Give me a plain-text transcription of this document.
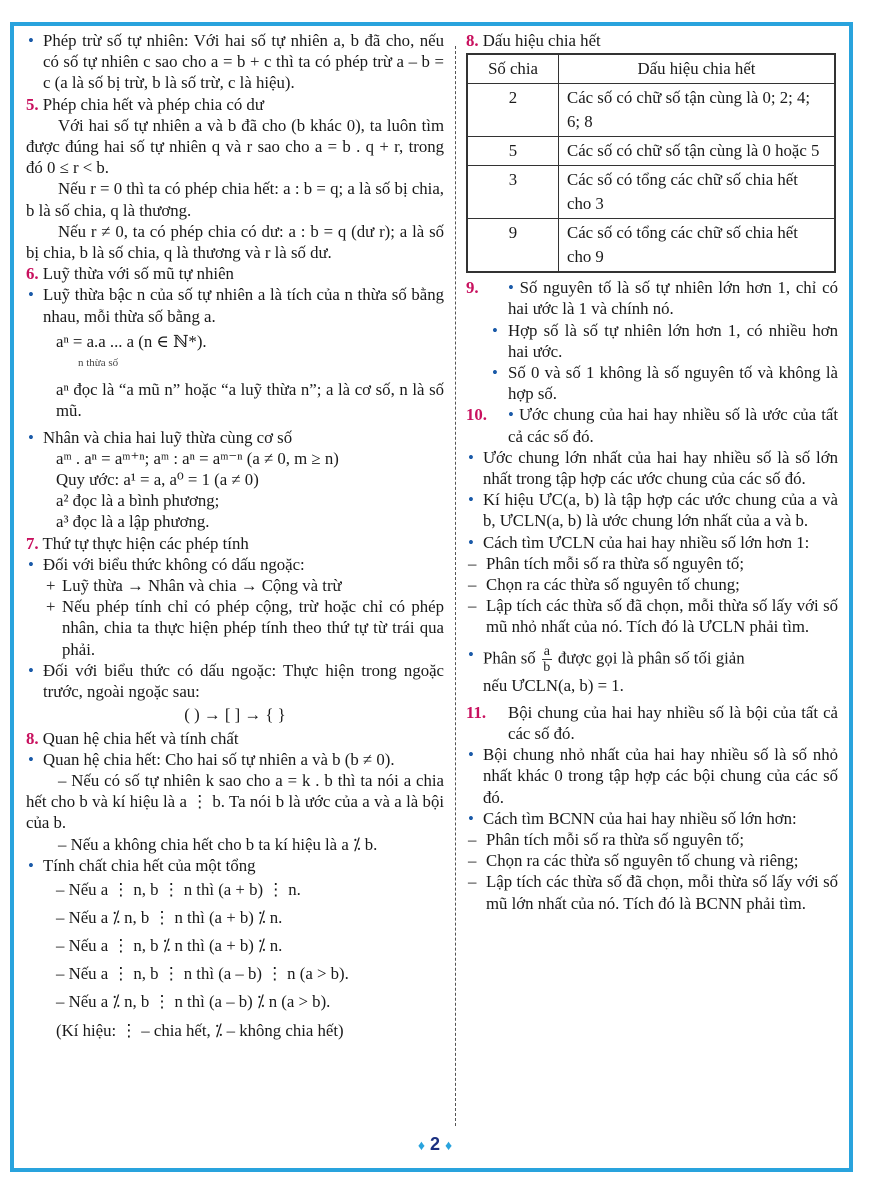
• Phép trừ số tự nhiên: Với hai số tự nhiên a, b đã cho, nếu có số tự nhiên c sao cho a = b + c thì ta có phép trừ a – b = c (a là số bị trừ, b là số trừ, c là hiệu).

5. Phép chia hết và phép chia có dư

Với hai số tự nhiên a và b đã cho (b khác 0), ta luôn tìm được đúng hai số tự nhiên q và r sao cho a = b . q + r, trong đó 0 ≤ r < b.

Nếu r = 0 thì ta có phép chia hết: a : b = q; a là số bị chia, b là số chia, q là thương.

Nếu r ≠ 0, ta có phép chia có dư: a : b = q (dư r); a là số bị chia, b là số chia, q là thương và r là số dư.

6. Luỹ thừa với số mũ tự nhiên

• Luỹ thừa bậc n của số tự nhiên a là tích của n thừa số bằng nhau, mỗi thừa số bằng a.

aⁿ = a.a ... a (n ∈ ℕ*).

n thừa số

aⁿ đọc là “a mũ n” hoặc “a luỹ thừa n”; a là cơ số, n là số mũ.

• Nhân và chia hai luỹ thừa cùng cơ số

aᵐ . aⁿ = aᵐ⁺ⁿ; aᵐ : aⁿ = aᵐ⁻ⁿ (a ≠ 0, m ≥ n)

Quy ước: a¹ = a, a⁰ = 1 (a ≠ 0)

a² đọc là a bình phương;

a³ đọc là a lập phương.

7. Thứ tự thực hiện các phép tính

• Đối với biểu thức không có dấu ngoặc:

+ Luỹ thừa → Nhân và chia → Cộng và trừ

+ Nếu phép tính chỉ có phép cộng, trừ hoặc chỉ có phép nhân, chia ta thực hiện phép tính theo thứ tự từ trái qua phải.

• Đối với biểu thức có dấu ngoặc: Thực hiện trong ngoặc trước, ngoài ngoặc sau:

( ) → [ ] → { }

8. Quan hệ chia hết và tính chất

• Quan hệ chia hết: Cho hai số tự nhiên a và b (b ≠ 0).

– Nếu có số tự nhiên k sao cho a = k . b thì ta nói a chia hết cho b và kí hiệu là a ⋮ b. Ta nói b là ước của a và a là bội của b.

– Nếu a không chia hết cho b ta kí hiệu là a ⁒ b.

• Tính chất chia hết của một tổng

– Nếu a ⋮ n, b ⋮ n thì (a + b) ⋮ n.

– Nếu a ⁒ n, b ⋮ n thì (a + b) ⁒ n.

– Nếu a ⋮ n, b ⁒ n thì (a + b) ⁒ n.

– Nếu a ⋮ n, b ⋮ n thì (a – b) ⋮ n (a > b).

– Nếu a ⁒ n, b ⋮ n thì (a – b) ⁒ n (a > b).

(Kí hiệu: ⋮ – chia hết, ⁒ – không chia hết)

8. Dấu hiệu chia hết

Số chia	Dấu hiệu chia hết
2	Các số có chữ số tận cùng là 0; 2; 4; 6; 8
5	Các số có chữ số tận cùng là 0 hoặc 5
3	Các số có tổng các chữ số chia hết cho 3
9	Các số có tổng các chữ số chia hết cho 9
9.	• Số nguyên tố là số tự nhiên lớn hơn 1, chỉ có hai ước là 1 và chính nó.

• Hợp số là số tự nhiên lớn hơn 1, có nhiều hơn hai ước.

• Số 0 và số 1 không là số nguyên tố và không là hợp số.

10.	• Ước chung của hai hay nhiều số là ước của tất cả các số đó.

• Ước chung lớn nhất của hai hay nhiều số là số lớn nhất trong tập hợp các ước chung của các số đó.

• Kí hiệu ƯC(a, b) là tập hợp các ước chung của a và b, ƯCLN(a, b) là ước chung lớn nhất của a và b.

• Cách tìm ƯCLN của hai hay nhiều số lớn hơn 1:

– Phân tích mỗi số ra thừa số nguyên tố;

– Chọn ra các thừa số nguyên tố chung;

– Lập tích các thừa số đã chọn, mỗi thừa số lấy với số mũ nhỏ nhất của nó. Tích đó là ƯCLN phải tìm.

• Phân số $\frac{a}{b}$ được gọi là phân số tối giản

nếu ƯCLN(a, b) = 1.

11.	Bội chung của hai hay nhiều số là bội của tất cả các số đó.

• Bội chung nhỏ nhất của hai hay nhiều số là số nhỏ nhất khác 0 trong tập hợp các bội chung của các số đó.

• Cách tìm BCNN của hai hay nhiều số lớn hơn:

– Phân tích mỗi số ra thừa số nguyên tố;

– Chọn ra các thừa số nguyên tố chung và riêng;

– Lập tích các thừa số đã chọn, mỗi thừa số lấy với số mũ lớn nhất của nó. Tích đó là BCNN phải tìm.

♦ 2 ♦
